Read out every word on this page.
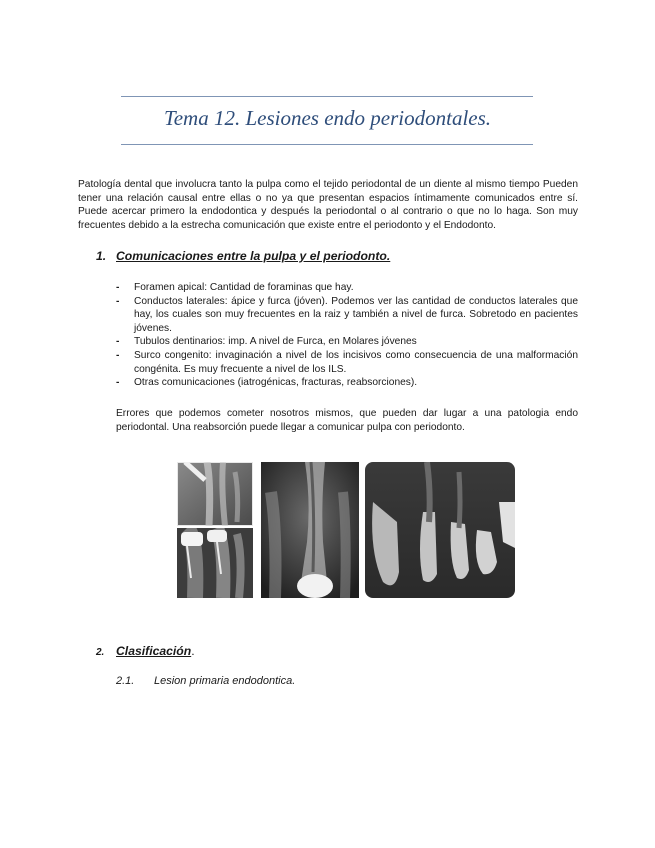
Tema 12. Lesiones endo periodontales.

Patología dental que involucra tanto la pulpa como el tejido periodontal de un diente al mismo tiempo Pueden tener una relación causal entre ellas o no ya que presentan espacios íntimamente comunicados entre sí. Puede acercar primero la endodontica y después la periodontal o al contrario o que no lo haga. Son muy frecuentes debido a la estrecha comunicación que existe entre el periodonto y el Endodonto.

1. Comunicaciones entre la pulpa y el periodonto.
- Foramen apical: Cantidad de foraminas que hay.
- Conductos laterales: ápice y furca (jóven). Podemos ver las cantidad de conductos laterales que hay, los cuales son muy frecuentes en la raiz y también a nivel de furca. Sobretodo en pacientes jóvenes.
- Tubulos dentinarios: imp. A nivel de Furca, en Molares jóvenes
- Surco congenito: invaginación a nivel de los incisivos como consecuencia de una malformación congénita. Es muy frecuente a nivel de los ILS.
- Otras comunicaciones (iatrogénicas, fracturas, reabsorciones).

Errores que podemos cometer nosotros mismos, que pueden dar lugar a una patologia endo periodontal. Una reabsorción puede llegar a comunicar pulpa con periodonto.

2. Clasificación.
2.1. Lesion primaria endodontica.
